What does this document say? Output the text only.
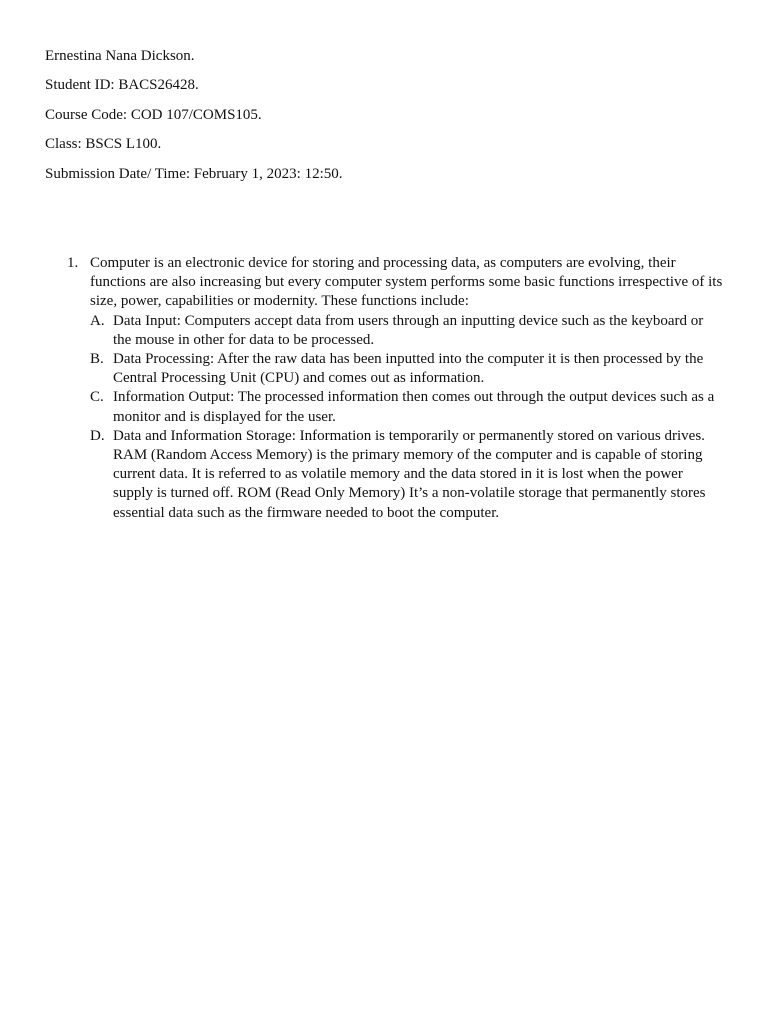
Ernestina Nana Dickson.
Student ID: BACS26428.
Course Code: COD 107/COMS105.
Class: BSCS L100.
Submission Date/ Time: February 1, 2023: 12:50.
1. Computer is an electronic device for storing and processing data, as computers are evolving, their functions are also increasing but every computer system performs some basic functions irrespective of its size, power, capabilities or modernity. These functions include:
A. Data Input: Computers accept data from users through an inputting device such as the keyboard or the mouse in other for data to be processed.
B. Data Processing: After the raw data has been inputted into the computer it is then processed by the Central Processing Unit (CPU) and comes out as information.
C. Information Output: The processed information then comes out through the output devices such as a monitor and is displayed for the user.
D. Data and Information Storage: Information is temporarily or permanently stored on various drives. RAM (Random Access Memory) is the primary memory of the computer and is capable of storing current data. It is referred to as volatile memory and the data stored in it is lost when the power supply is turned off. ROM (Read Only Memory) It’s a non-volatile storage that permanently stores essential data such as the firmware needed to boot the computer.
